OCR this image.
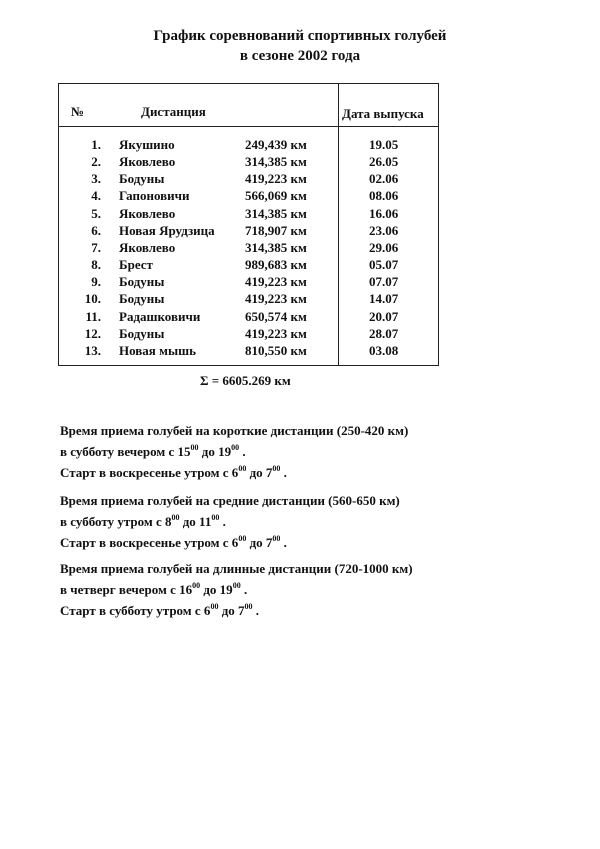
График соревнований спортивных голубей
в сезоне 2002 года
№	Дистанция	Дата выпуска
1. Якушино	249,439 км	19.05
2. Яковлево	314,385 км	26.05
3. Бодуны	419,223 км	02.06
4. Гапоновичи	566,069 км	08.06
5. Яковлево	314,385 км	16.06
6. Новая Ярудзица 718,907 км	23.06
7. Яковлево	314,385 км	29.06
8. Брест	989,683 км	05.07
9. Бодуны	419,223 км	07.07
10. Бодуны	419,223 км	14.07
11. Радашковичи	650,574 км	20.07
12. Бодуны	419,223 км	28.07
13. Новая мышь	810,550 км	03.08
Σ = 6605.269 км
Время приема голубей на короткие дистанции (250-420 км)
в субботу вечером с $15^{00}$ до $19^{00}$ .
Старт в воскресенье утром с $6^{00}$ до $7^{00}$ .
Время приема голубей на средние дистанции (560-650 км)
в субботу утром с $8^{00}$ до $11^{00}$ .
Старт в воскресенье утром с $6^{00}$ до $7^{00}$ .
Время приема голубей на длинные дистанции (720-1000 км)
в четверг вечером с $16^{00}$ до $19^{00}$ .
Старт в субботу утром с $6^{00}$ до $7^{00}$ .
